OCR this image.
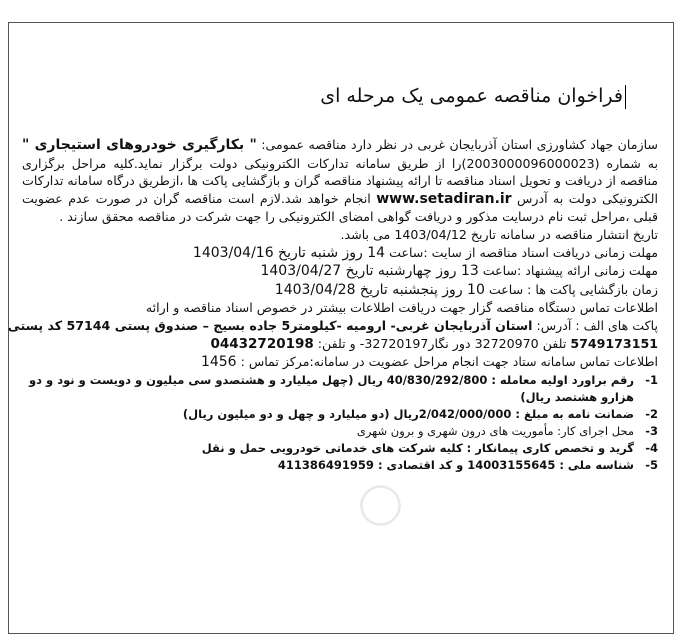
فراخوان مناقصه عمومی یک مرحله ای
سازمان جهاد کشاورزی استان آذربایجان غربی در نظر دارد مناقصه عمومی: " بکارگیری خودروهای استیجاری " به شماره (2003000096000023)را از طریق سامانه تدارکات الکترونیکی دولت برگزار نماید.کلیه مراحل برگزاری مناقصه از دریافت و تحویل اسناد مناقصه تا ارائه پیشنهاد مناقصه گران و بازگشایی پاکت ها ،ازطریق درگاه سامانه تدارکات الکترونیکی دولت به آدرس www.setadiran.ir انجام خواهد شد.لازم است مناقصه گران در صورت عدم عضویت قبلی ،مراحل ثبت نام درسایت مذکور و دریافت گواهی امضای الکترونیکی را جهت شرکت در مناقصه محقق سازند .
تاریخ انتشار مناقصه در سامانه تاریخ 1403/04/12 می باشد.
مهلت زمانی دریافت اسناد مناقصه از سایت :ساعت 14 روز شنبه تاریخ 1403/04/16
مهلت زمانی ارائه پیشنهاد :ساعت 13 روز چهارشنبه تاریخ 1403/04/27
زمان بازگشایی پاکت ها : ساعت 10 روز پنجشنبه تاریخ 1403/04/28
اطلاعات تماس دستگاه مناقصه گزار جهت دریافت اطلاعات بیشتر در خصوص اسناد مناقصه و ارائه
پاکت های الف : آدرس: استان آذربایجان غربی- ارومیه -کیلومتر5 جاده بسیج – صندوق پستی 57144 کد پستی
5749173151 تلفن 32720970 دور نگار32720197- و تلفن: 04432720198
اطلاعات تماس سامانه ستاد جهت انجام مراحل عضویت در سامانه:مرکز تماس : 1456
1-
رقم براورد اولیه معامله : 40/830/292/800 ریال (چهل میلیارد و هشتصدو سی میلیون و دویست و نود و دو هزارو هشتصد ریال)
2-
ضمانت نامه به مبلغ : 2/042/000/000ریال (دو میلیارد و چهل و دو میلیون ریال)
3-
محل اجرای کار: مأموریت های درون شهری و برون شهری
4-
گرید و تخصص کاری پیمانکار : کلیه شرکت های خدماتی خودرویی حمل و نقل
5-
شناسه ملی : 14003155645 و کد اقتصادی : 411386491959
◯
